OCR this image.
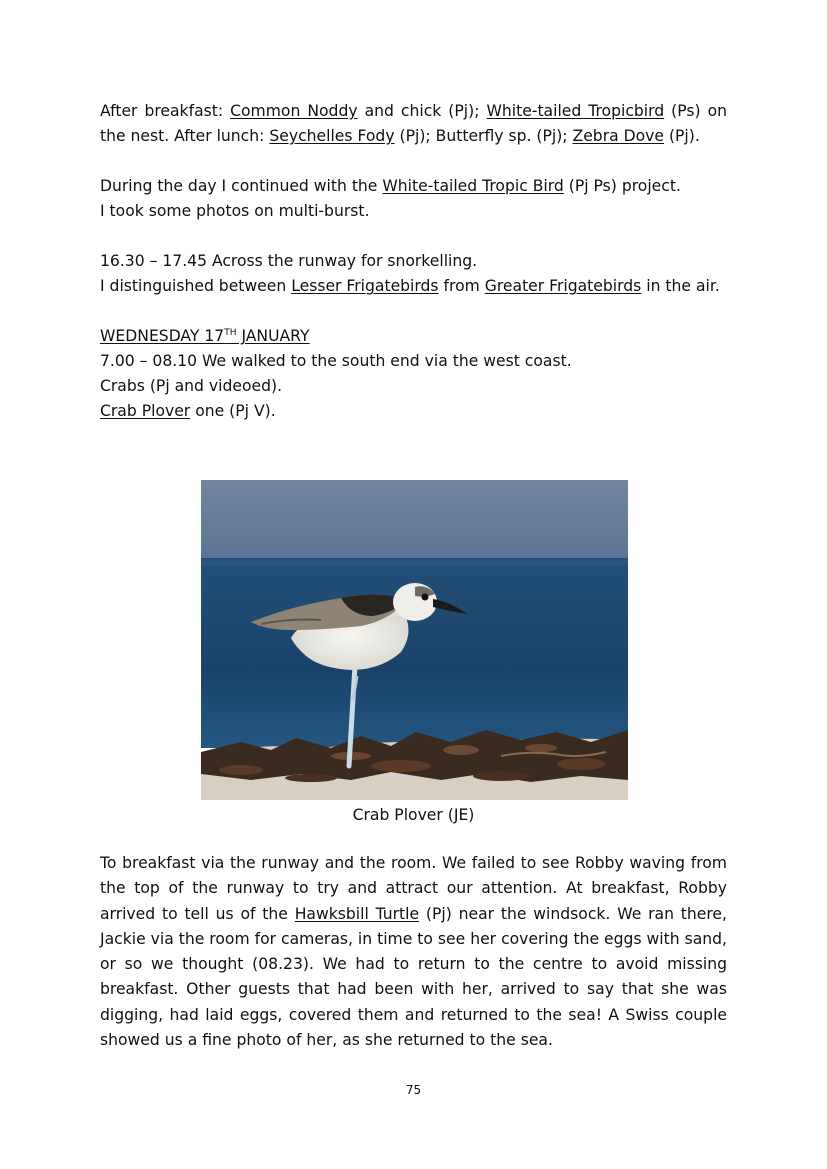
After breakfast: Common Noddy and chick (Pj); White-tailed Tropicbird (Ps) on the nest. After lunch: Seychelles Fody (Pj); Butterfly sp. (Pj); Zebra Dove (Pj).

During the day I continued with the White-tailed Tropic Bird (Pj Ps) project.

I took some photos on multi-burst.

16.30 – 17.45 Across the runway for snorkelling.

I distinguished between Lesser Frigatebirds from Greater Frigatebirds in the air.

WEDNESDAY 17TH JANUARY

7.00 – 08.10 We walked to the south end via the west coast.

Crabs (Pj and videoed).

Crab Plover one (Pj V).

Crab Plover (JE)

To breakfast via the runway and the room. We failed to see Robby waving from the top of the runway to try and attract our attention. At breakfast, Robby arrived to tell us of the Hawksbill Turtle (Pj) near the windsock. We ran there, Jackie via the room for cameras, in time to see her covering the eggs with sand, or so we thought (08.23). We had to return to the centre to avoid missing breakfast. Other guests that had been with her, arrived to say that she was digging, had laid eggs, covered them and returned to the sea! A Swiss couple showed us a fine photo of her, as she returned to the sea.

75
